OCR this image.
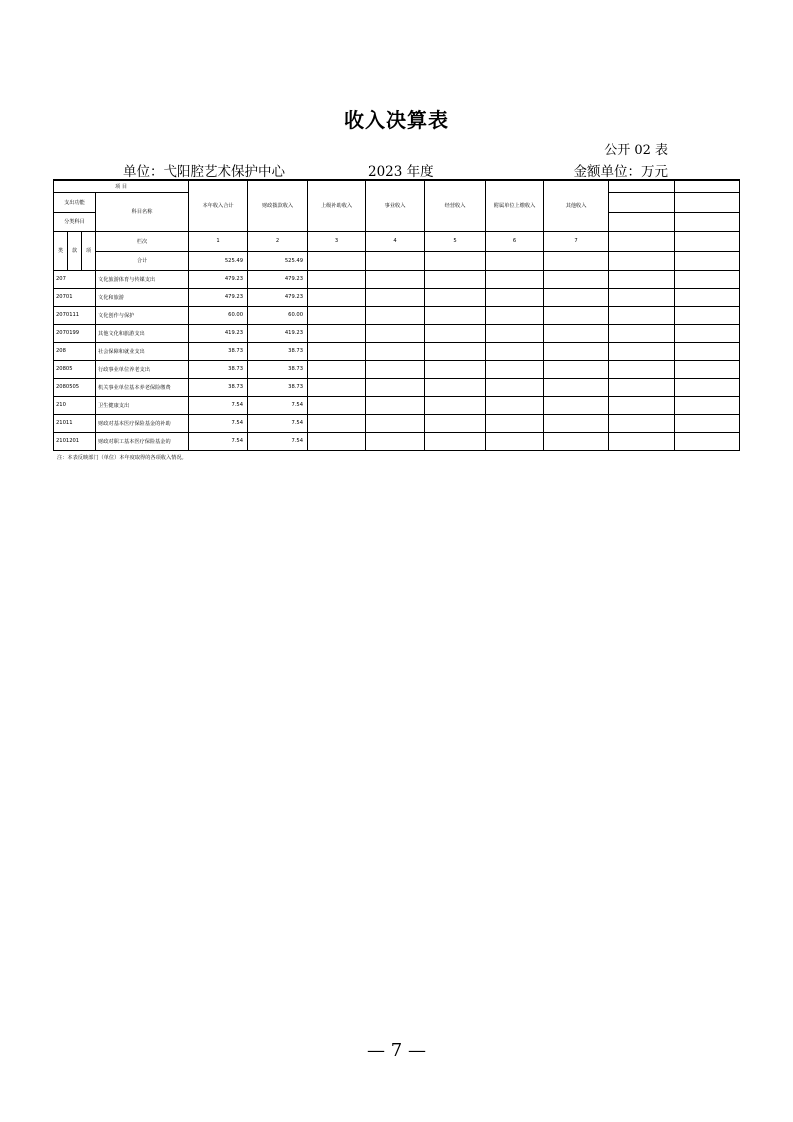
收入决算表
公开 02 表
单位：弋阳腔艺术保护中心	2023 年度	金额单位：万元
项 目				本年收入合计	财政拨款收入	上级补助收入	事业收入	经营收入	附属单位上缴收入	其他收入		
支出功能			科目名称									
分类科目												
类	款	项	栏次	1	2	3	4	5	6	7		
			合计	525.49	525.49							
207			文化旅游体育与传媒支出	479.23	479.23							
20701			文化和旅游	479.23	479.23							
2070111			文化创作与保护	60.00	60.00							
2070199			其他文化和旅游支出	419.23	419.23							
208			社会保障和就业支出	38.73	38.73							
20805			行政事业单位养老支出	38.73	38.73							
2080505			机关事业单位基本养老保险缴费	38.73	38.73							
210			卫生健康支出	7.54	7.54							
21011			财政对基本医疗保险基金的补助	7.54	7.54							
2101201			财政对职工基本医疗保险基金的	7.54	7.54							
注：本表反映部门（单位）本年度取得的各项收入情况。
— 7 —
